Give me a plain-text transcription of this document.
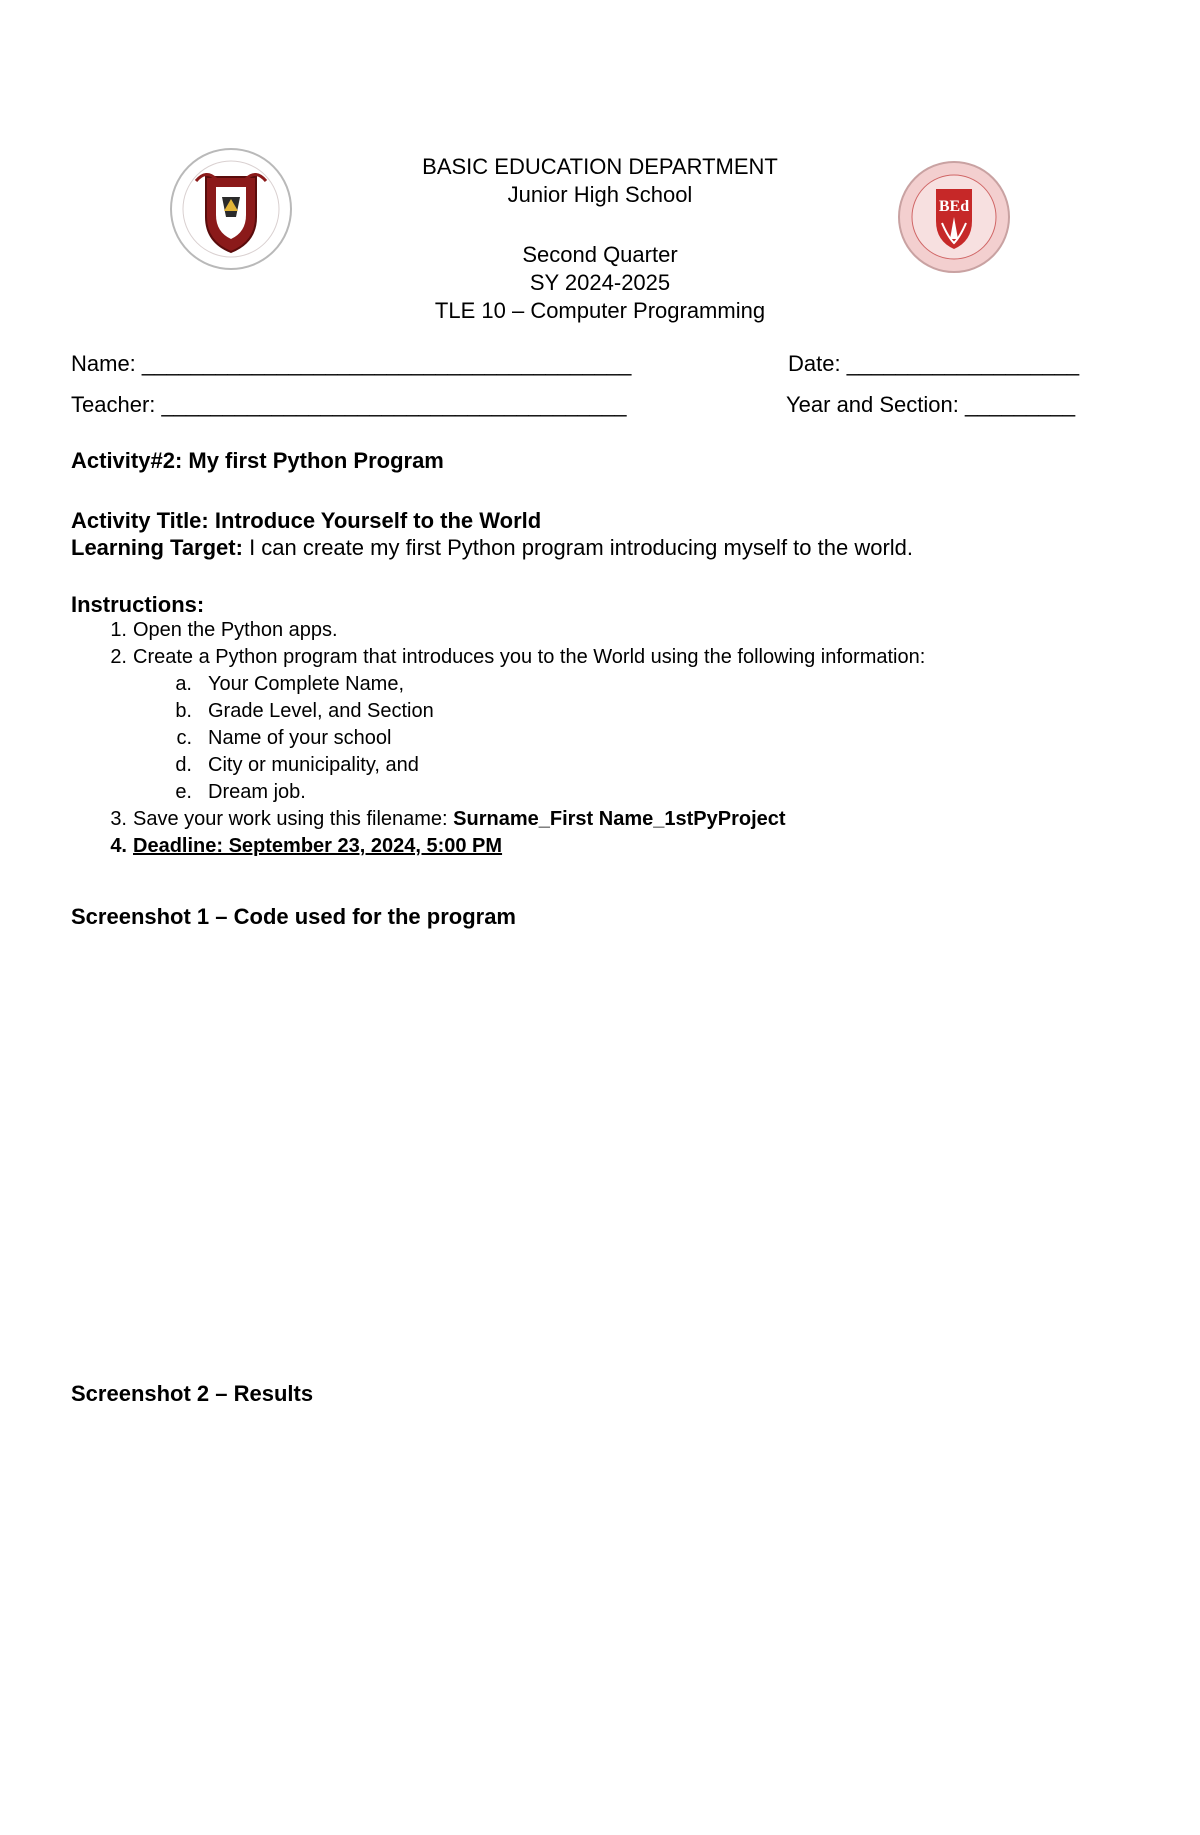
BEd
BASIC EDUCATION DEPARTMENT
Junior High School
Second Quarter
SY 2024-2025
TLE 10 – Computer Programming
Name: ________________________________________	Date: ___________________
Teacher: ______________________________________	Year and Section: _________
Activity#2: My first Python Program
Activity Title: Introduce Yourself to the World
Learning Target: I can create my first Python program introducing myself to the world.
Instructions:
1. Open the Python apps.
2. Create a Python program that introduces you to the World using the following information:
a. Your Complete Name,
b. Grade Level, and Section
c. Name of your school
d. City or municipality, and
e. Dream job.
3. Save your work using this filename: Surname_First Name_1stPyProject
4. Deadline: September 23, 2024, 5:00 PM
Screenshot 1 – Code used for the program
Screenshot 2 – Results
